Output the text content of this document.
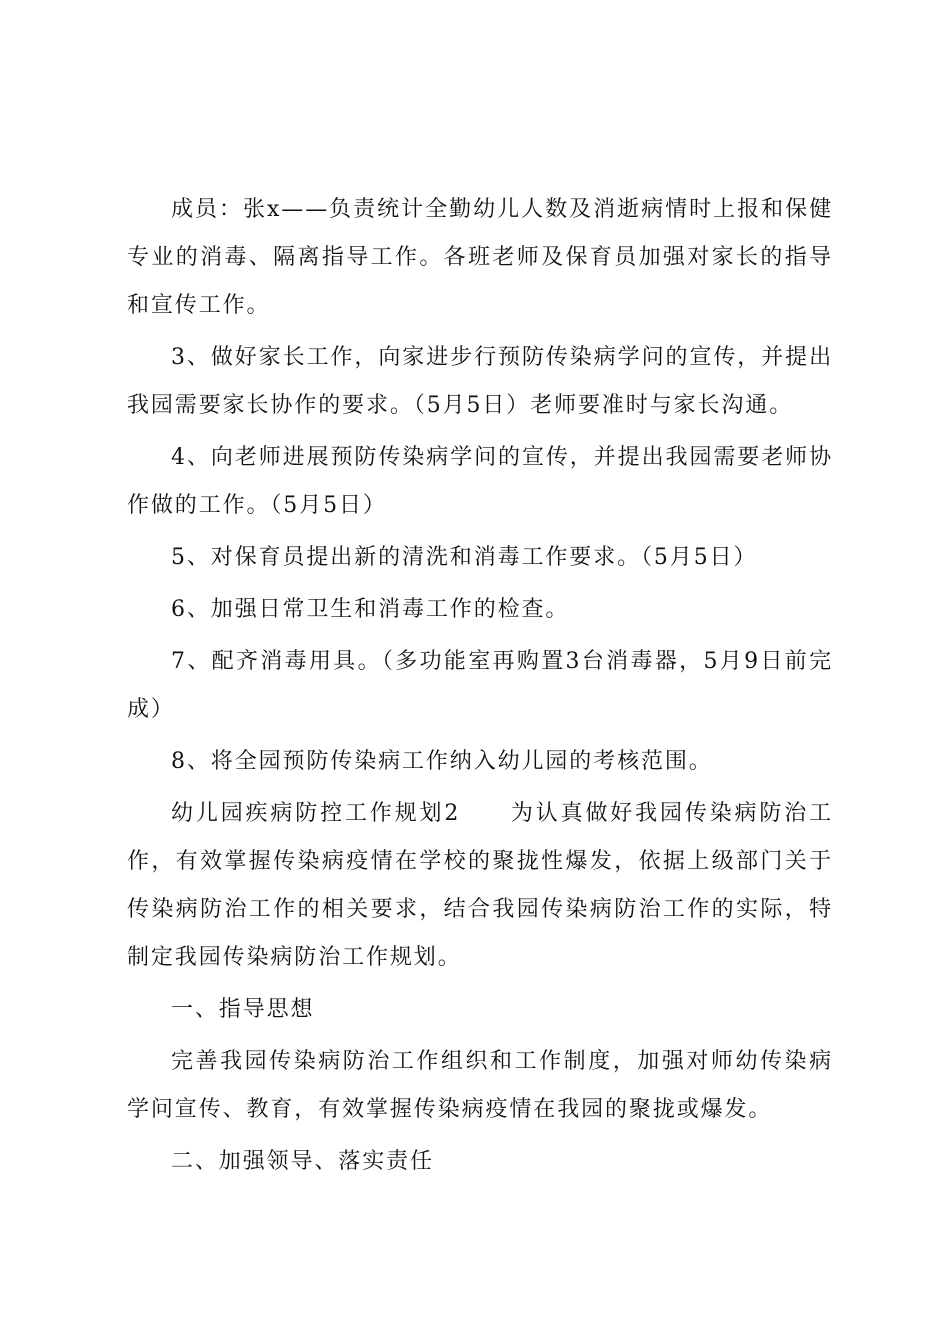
成员：张x——负责统计全勤幼儿人数及消逝病情时上报和保健专业的消毒、隔离指导工作。各班老师及保育员加强对家长的指导和宣传工作。

3、做好家长工作，向家进步行预防传染病学问的宣传，并提出我园需要家长协作的要求。（5月5日）老师要准时与家长沟通。

4、向老师进展预防传染病学问的宣传，并提出我园需要老师协作做的工作。（5月5日）

5、对保育员提出新的清洗和消毒工作要求。（5月5日）

6、加强日常卫生和消毒工作的检查。

7、配齐消毒用具。（多功能室再购置3台消毒器，5月9日前完成）

8、将全园预防传染病工作纳入幼儿园的考核范围。

幼儿园疾病防控工作规划2　　为认真做好我园传染病防治工作，有效掌握传染病疫情在学校的聚拢性爆发，依据上级部门关于传染病防治工作的相关要求，结合我园传染病防治工作的实际，特制定我园传染病防治工作规划。

一、指导思想

完善我园传染病防治工作组织和工作制度，加强对师幼传染病学问宣传、教育，有效掌握传染病疫情在我园的聚拢或爆发。

二、加强领导、落实责任
